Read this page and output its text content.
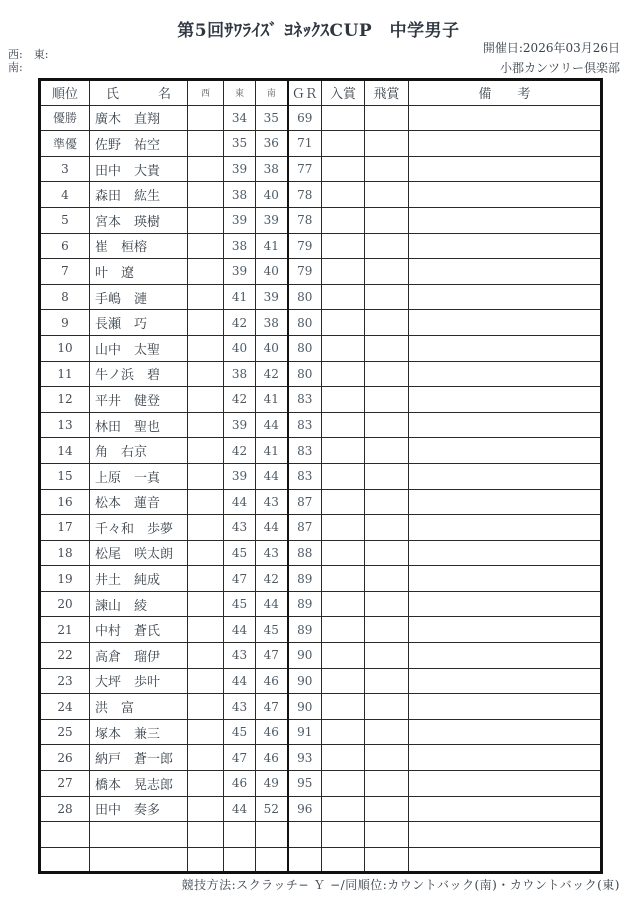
第5回ｻﾜﾗｲｽﾞ ﾖﾈｯｸｽCUP　中学男子
開催日:2026年03月26日
小郡カンツリー倶楽部
西:　東:
南:
順位	氏　　　名	西	東	南	ＧＲ	入賞	飛賞	備　　考
優勝	廣木　直翔		34	35	69			
準優	佐野　祐空		35	36	71			
3	田中　大貴		39	38	77			
4	森田　紘生		38	40	78			
5	宮本　瑛樹		39	39	78			
6	崔　桓榕		38	41	79			
7	叶　遼		39	40	79			
8	手嶋　漣		41	39	80			
9	長瀬　巧		42	38	80			
10	山中　太聖		40	40	80			
11	牛ノ浜　碧		38	42	80			
12	平井　健登		42	41	83			
13	林田　聖也		39	44	83			
14	角　右京		42	41	83			
15	上原　一真		39	44	83			
16	松本　蓮音		44	43	87			
17	千々和　歩夢		43	44	87			
18	松尾　咲太朗		45	43	88			
19	井土　純成		47	42	89			
20	諫山　綾		45	44	89			
21	中村　蒼氏		44	45	89			
22	高倉　瑠伊		43	47	90			
23	大坪　歩叶		44	46	90			
24	洪　富		43	47	90			
25	塚本　兼三		45	46	91			
26	納戸　蒼一郎		47	46	93			
27	橋本　晃志郎		46	49	95			
28	田中　奏多		44	52	96			

競技方法:スクラッチ− Ｙ −/同順位:カウントバック(南)・カウントバック(東)
